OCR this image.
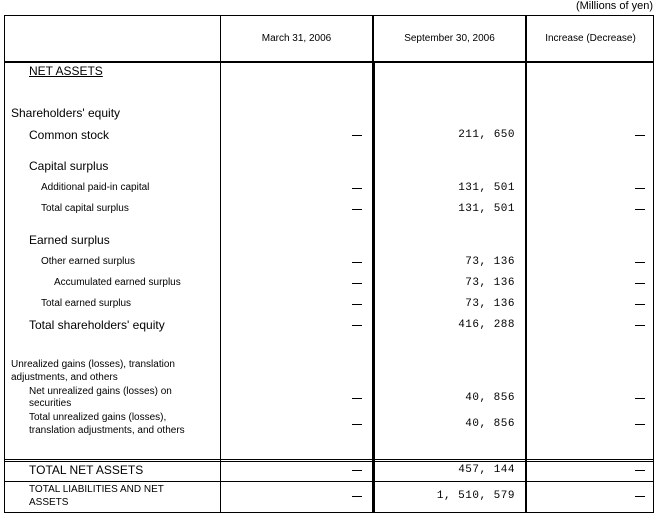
(Millions of yen)
March 31, 2006	September 30, 2006	Increase (Decrease)
NET ASSETS
Shareholders' equity
Common stock
Capital surplus
Additional paid-in capital
Total capital surplus
Earned surplus
Other earned surplus
Accumulated earned surplus
Total earned surplus
Total shareholders' equity
Unrealized gains (losses), translation
adjustments, and others
Net unrealized gains (losses) on
securities
Total unrealized gains (losses),
translation adjustments, and others
TOTAL NET ASSETS
TOTAL LIABILITIES AND NET
ASSETS
211, 650
131, 501
131, 501
73, 136
73, 136
73, 136
416, 288
40, 856
40, 856
457, 144
1, 510, 579
